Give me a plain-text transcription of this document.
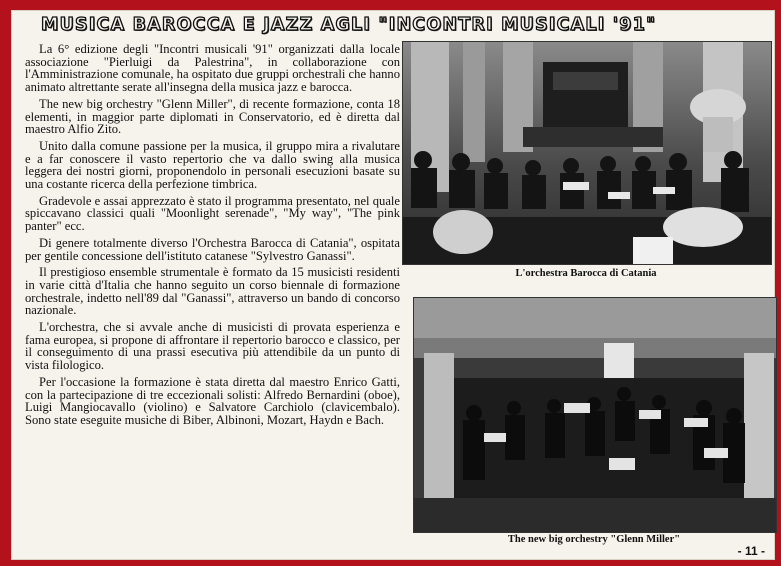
MUSICA BAROCCA E JAZZ AGLI "INCONTRI MUSICALI '91"

La 6° edizione degli "Incontri musicali '91" organizzati dalla locale associazione "Pierluigi da Palestrina", in collaborazione con l'Amministrazione comunale, ha ospitato due gruppi orchestrali che hanno animato altrettante serate all'insegna della musica jazz e barocca.

The new big orchestry "Glenn Miller", di recente formazione, conta 18 elementi, in maggior parte diplomati in Conservatorio, ed è diretta dal maestro Alfio Zito.

Unito dalla comune passione per la musica, il gruppo mira a rivalutare e a far conoscere il vasto repertorio che va dallo swing alla musica leggera dei nostri giorni, proponendolo in personali esecuzioni basate su una costante ricerca della perfezione timbrica.

Gradevole e assai apprezzato è stato il programma presentato, nel quale spiccavano classici quali "Moonlight serenade", "My way", "The pink panter" ecc.

Di genere totalmente diverso l'Orchestra Barocca di Catania", ospitata per gentile concessione dell'istituto catanese "Sylvestro Ganassi".

Il prestigioso ensemble strumentale è formato da 15 musicisti residenti in varie città d'Italia che hanno seguito un corso biennale di formazione orchestrale, indetto nell'89 dal "Ganassi", attraverso un bando di concorso nazionale.

L'orchestra, che si avvale anche di musicisti di provata esperienza e fama europea, si propone di affrontare il repertorio barocco e classico, per il conseguimento di una prassi esecutiva più attendibile da un punto di vista filologico.

Per l'occasione la formazione è stata diretta dal maestro Enrico Gatti, con la partecipazione di tre eccezionali solisti: Alfredo Bernardini (oboe), Luigi Mangiocavallo (violino) e Salvatore Carchiolo (clavicembalo). Sono state eseguite musiche di Biber, Albinoni, Mozart, Haydn e Bach.

L'orchestra Barocca di Catania
The new big orchestry "Glenn Miller"
- 11 -
